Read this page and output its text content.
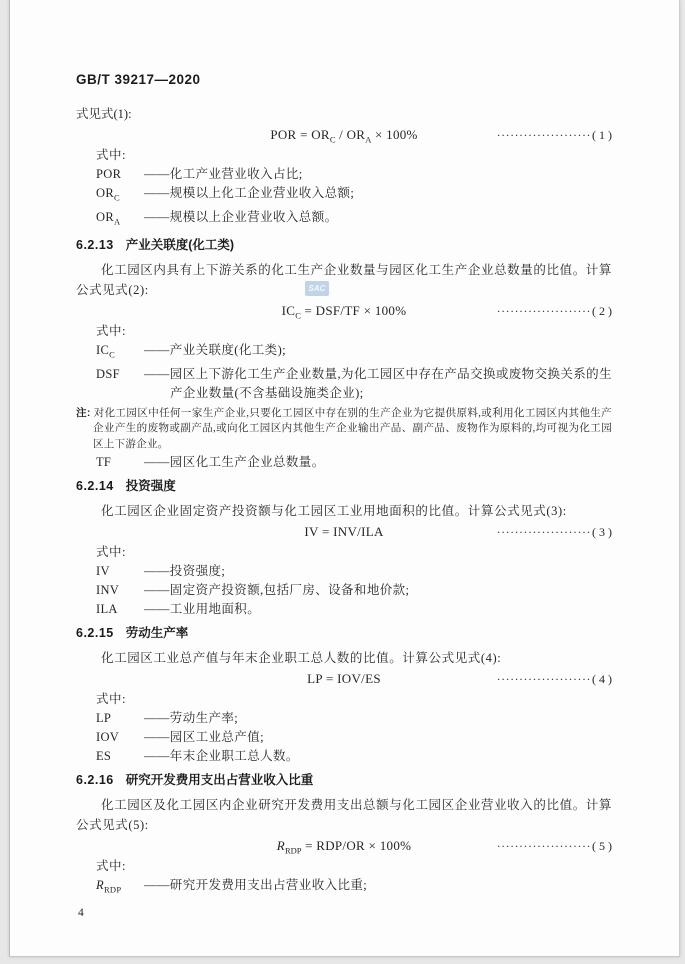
GB/T 39217—2020
式见式(1):
POR = $OR_C / OR_A \times 100\%$	·····················( 1 )
式中:
POR	——化工产业营业收入占比;
$OR_C$	——规模以上化工企业营业收入总额;
$OR_A$	——规模以上企业营业收入总额。
6.2.13 产业关联度(化工类)
化工园区内具有上下游关系的化工生产企业数量与园区化工生产企业总数量的比值。计算公式见式(2):
$IC_C = DSF/TF \times 100\%$	·····················( 2 )
式中:
$IC_C$	——产业关联度(化工类);
DSF	——园区上下游化工生产企业数量,为化工园区中存在产品交换或废物交换关系的生产企业数量(不含基础设施类企业);
注: 对化工园区中任何一家生产企业,只要化工园区中存在别的生产企业为它提供原料,或利用化工园区内其他生产企业产生的废物或副产品,或向化工园区内其他生产企业输出产品、副产品、废物作为原料的,均可视为化工园区上下游企业。
TF	——园区化工生产企业总数量。
6.2.14 投资强度
化工园区企业固定资产投资额与化工园区工业用地面积的比值。计算公式见式(3):
IV = INV/ILA	·····················( 3 )
式中:
IV	——投资强度;
INV	——固定资产投资额,包括厂房、设备和地价款;
ILA	——工业用地面积。
6.2.15 劳动生产率
化工园区工业总产值与年末企业职工总人数的比值。计算公式见式(4):
LP = IOV/ES	·····················( 4 )
式中:
LP	——劳动生产率;
IOV	——园区工业总产值;
ES	——年末企业职工总人数。
6.2.16 研究开发费用支出占营业收入比重
化工园区及化工园区内企业研究开发费用支出总额与化工园区企业营业收入的比值。计算公式见式(5):
$R_{RDP} = RDP/OR \times 100\%$	·····················( 5 )
式中:
$R_{RDP}$	——研究开发费用支出占营业收入比重;
4
SAC
